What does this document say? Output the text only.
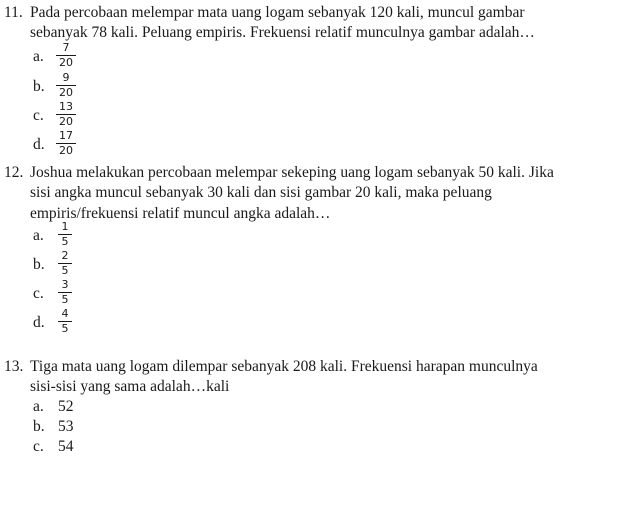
11. Pada percobaan melempar mata uang logam sebanyak 120 kali, muncul gambar
sebanyak 78 kali. Peluang empiris. Frekuensi relatif munculnya gambar adalah…
a. $\frac{7}{20}$
b. $\frac{9}{20}$
c. $\frac{13}{20}$
d. $\frac{17}{20}$
12. Joshua melakukan percobaan melempar sekeping uang logam sebanyak 50 kali. Jika
sisi angka muncul sebanyak 30 kali dan sisi gambar 20 kali, maka peluang
empiris/frekuensi relatif muncul angka adalah…
a. $\frac{1}{5}$
b. $\frac{2}{5}$
c. $\frac{3}{5}$
d. $\frac{4}{5}$
13. Tiga mata uang logam dilempar sebanyak 208 kali. Frekuensi harapan munculnya
sisi-sisi yang sama adalah…kali
a. 52
b. 53
c. 54
